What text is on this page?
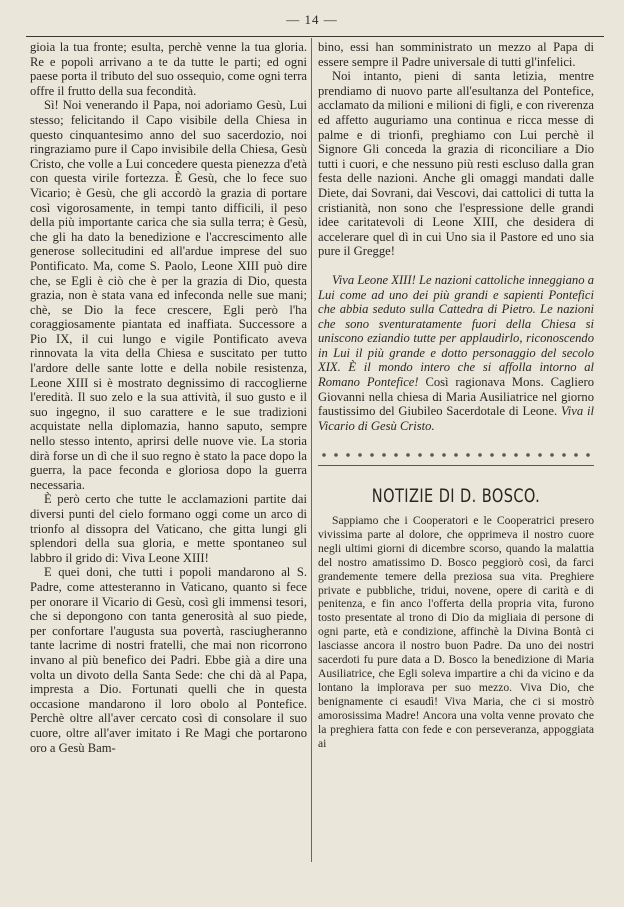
— 14 —

gioia la tua fronte; esulta, perchè venne la tua gloria. Re e popoli arrivano a te da tutte le parti; ed ogni paese porta il tributo del suo ossequio, come ogni terra offre il frutto della sua fecondità.

Sì! Noi venerando il Papa, noi adoriamo Gesù, Lui stesso; felicitando il Capo visibile della Chiesa in questo cinquantesimo anno del suo sacerdozio, noi ringraziamo pure il Capo invisibile della Chiesa, Gesù Cristo, che volle a Lui concedere questa pienezza d'età con questa virile fortezza. È Gesù, che lo fece suo Vicario; è Gesù, che gli accordò la grazia di portare così vigorosamente, in tempi tanto difficili, il peso della più importante carica che sia sulla terra; è Gesù, che gli ha dato la benedizione e l'accrescimento alle generose sollecitudini ed all'ardue imprese del suo Pontificato. Ma, come S. Paolo, Leone XIII può dire che, se Egli è ciò che è per la grazia di Dio, questa grazia, non è stata vana ed infeconda nelle sue mani; chè, se Dio la fece crescere, Egli però l'ha coraggiosamente piantata ed inaffiata. Successore a Pio IX, il cui lungo e vigile Pontificato aveva rinnovata la vita della Chiesa e suscitato per tutto l'ardore delle sante lotte e della nobile resistenza, Leone XIII si è mostrato degnissimo di raccoglierne l'eredità. Il suo zelo e la sua attività, il suo gusto e il suo ingegno, il suo carattere e le sue tradizioni acquistate nella diplomazia, hanno saputo, sempre nello stesso intento, aprirsi delle nuove vie. La storia dirà forse un dì che il suo regno è stato la pace dopo la guerra, la pace feconda e gloriosa dopo la guerra necessaria.

È però certo che tutte le acclamazioni partite dai diversi punti del cielo formano oggi come un arco di trionfo al dissopra del Vaticano, che gitta lungi gli splendori della sua gloria, e mette spontaneo sul labbro il grido di: Viva Leone XIII!

E quei doni, che tutti i popoli mandarono al S. Padre, come attesteranno in Vaticano, quanto si fece per onorare il Vicario di Gesù, così gli immensi tesori, che si depongono con tanta generosità al suo piede, per confortare l'augusta sua povertà, rasciugheranno tante lacrime di nostri fratelli, che mai non ricorrono invano al più benefico dei Padri. Ebbe già a dire una volta un divoto della Santa Sede: che chi dà al Papa, impresta a Dio. Fortunati quelli che in questa occasione mandarono il loro obolo al Pontefice. Perchè oltre all'aver cercato così di consolare il suo cuore, oltre all'aver imitato i Re Magi che portarono oro a Gesù Bam-

bino, essi han somministrato un mezzo al Papa di essere sempre il Padre universale di tutti gl'infelici.

Noi intanto, pieni di santa letizia, mentre prendiamo di nuovo parte all'esultanza del Pontefice, acclamato da milioni e milioni di figli, e con riverenza ed affetto auguriamo una continua e ricca messe di palme e di trionfi, preghiamo con Lui perchè il Signore Gli conceda la grazia di riconciliare a Dio tutti i cuori, e che nessuno più resti escluso dalla gran festa delle nazioni. Anche gli omaggi mandati dalle Diete, dai Sovrani, dai Vescovi, dai cattolici di tutta la cristianità, non sono che l'espressione delle grandi idee caritatevoli di Leone XIII, che desidera di accelerare quel dì in cui Uno sia il Pastore ed uno sia pure il Gregge!

Viva Leone XIII! Le nazioni cattoliche inneggiano a Lui come ad uno dei più grandi e sapienti Pontefici che abbia seduto sulla Cattedra di Pietro. Le nazioni che sono sventuratamente fuori della Chiesa si uniscono eziandio tutte per applaudirlo, riconoscendo in Lui il più grande e dotto personaggio del secolo XIX. È il mondo intero che si affolla intorno al Romano Pontefice! Così ragionava Mons. Cagliero Giovanni nella chiesa di Maria Ausiliatrice nel giorno faustissimo del Giubileo Sacerdotale di Leone. Viva il Vicario di Gesù Cristo.

NOTIZIE DI D. BOSCO.

Sappiamo che i Cooperatori e le Cooperatrici presero vivissima parte al dolore, che opprimeva il nostro cuore negli ultimi giorni di dicembre scorso, quando la malattia del nostro amatissimo D. Bosco peggiorò così, da farci grandemente temere della preziosa sua vita. Preghiere private e pubbliche, tridui, novene, opere di carità e di penitenza, e fin anco l'offerta della propria vita, furono tosto presentate al trono di Dio da migliaia di persone di ogni parte, età e condizione, affinchè la Divina Bontà ci lasciasse ancora il nostro buon Padre. Da uno dei nostri sacerdoti fu pure data a D. Bosco la benedizione di Maria Ausiliatrice, che Egli soleva impartire a chi da vicino e da lontano la implorava per suo mezzo. Viva Dio, che benignamente ci esaudì! Viva Maria, che ci si mostrò amorosissima Madre! Ancora una volta venne provato che la preghiera fatta con fede e con perseveranza, appoggiata ai
